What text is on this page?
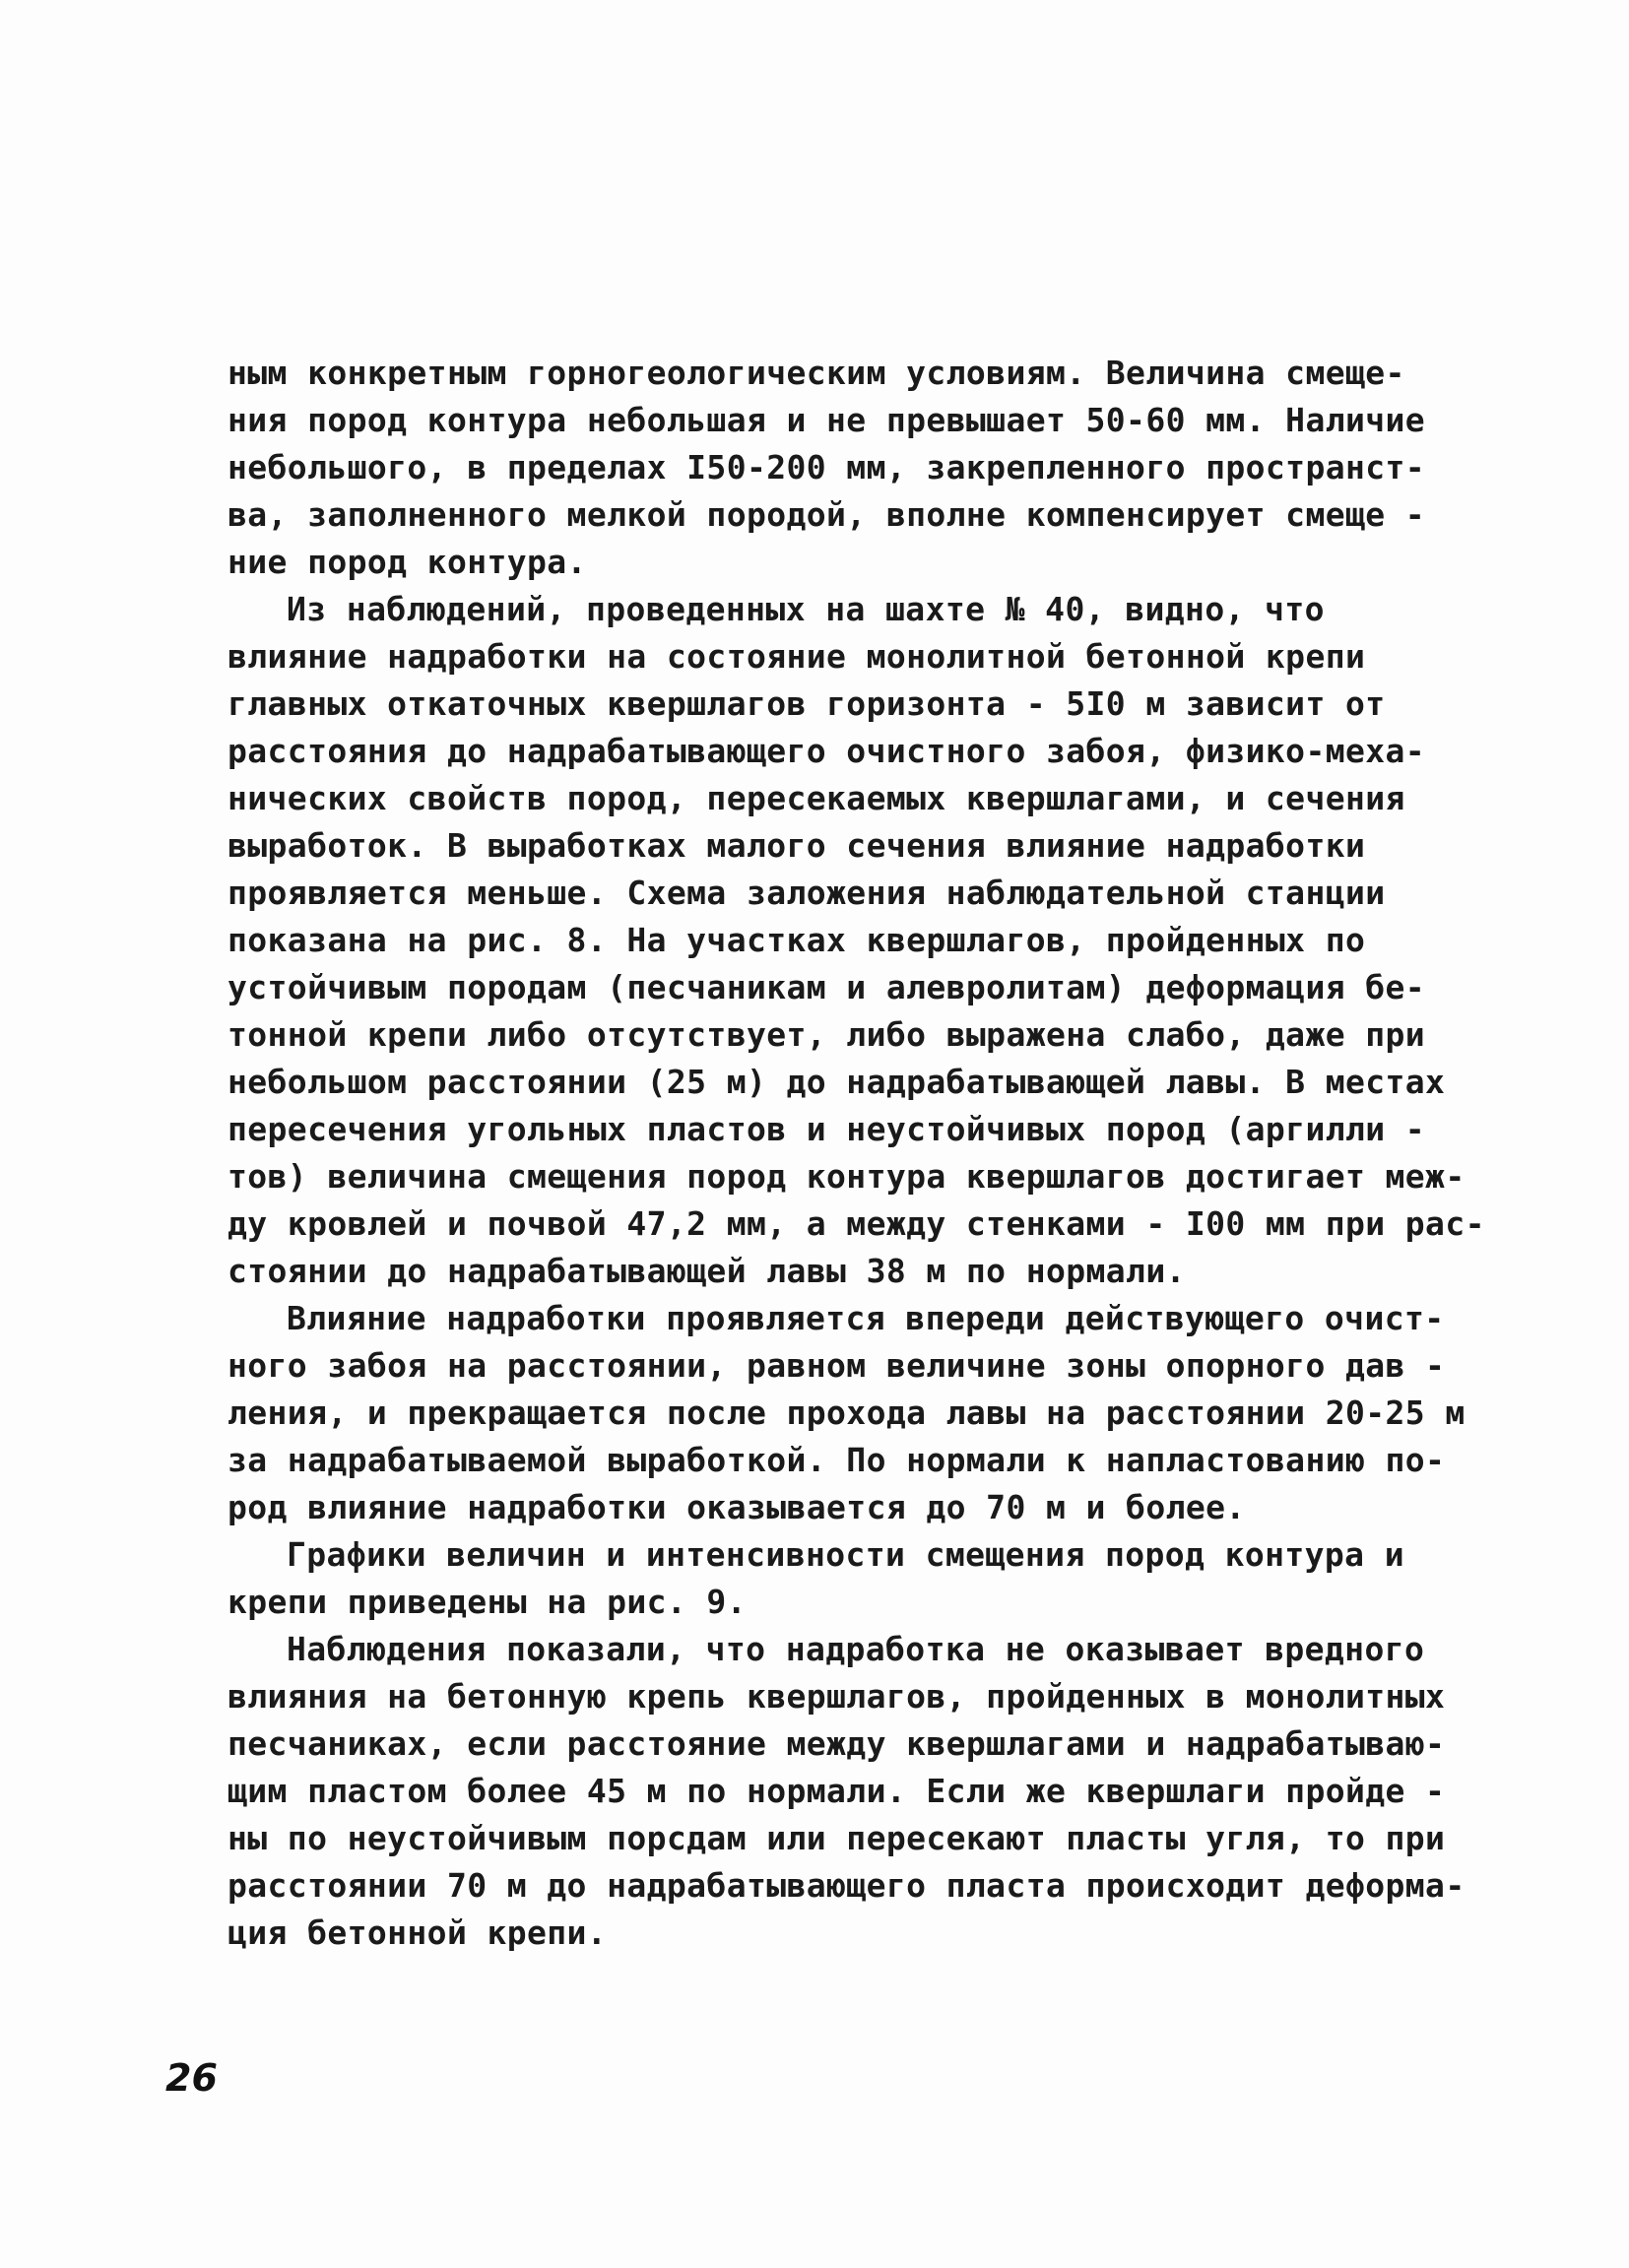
ным конкретным горногеологическим условиям. Величина смеще-
ния пород контура небольшая и не превышает 50-60 мм. Наличие
небольшого, в пределах I50-200 мм, закрепленного пространст-
ва, заполненного мелкой породой, вполне компенсирует смеще -
ние пород контура.
Из наблюдений, проведенных на шахте № 40, видно, что
влияние надработки на состояние монолитной бетонной крепи
главных откаточных квершлагов горизонта - 5I0 м зависит от
расстояния до надрабатывающего очистного забоя, физико-меха-
нических свойств пород, пересекаемых квершлагами, и сечения
выработок. В выработках малого сечения влияние надработки
проявляется меньше. Схема заложения наблюдательной станции
показана на рис. 8. На участках квершлагов, пройденных по
устойчивым породам (песчаникам и алевролитам) деформация бе-
тонной крепи либо отсутствует, либо выражена слабо, даже при
небольшом расстоянии (25 м) до надрабатывающей лавы. В местах
пересечения угольных пластов и неустойчивых пород (аргилли -
тов) величина смещения пород контура квершлагов достигает меж-
ду кровлей и почвой 47,2 мм, а между стенками - I00 мм при рас-
стоянии до надрабатывающей лавы 38 м по нормали.
Влияние надработки проявляется впереди действующего очист-
ного забоя на расстоянии, равном величине зоны опорного дав -
ления, и прекращается после прохода лавы на расстоянии 20-25 м
за надрабатываемой выработкой. По нормали к напластованию по-
род влияние надработки оказывается до 70 м и более.
Графики величин и интенсивности смещения пород контура и
крепи приведены на рис. 9.
Наблюдения показали, что надработка не оказывает вредного
влияния на бетонную крепь квершлагов, пройденных в монолитных
песчаниках, если расстояние между квершлагами и надрабатываю-
щим пластом более 45 м по нормали. Если же квершлаги пройде -
ны по неустойчивым порсдам или пересекают пласты угля, то при
расстоянии 70 м до надрабатывающего пласта происходит деформа-
ция бетонной крепи.
26
